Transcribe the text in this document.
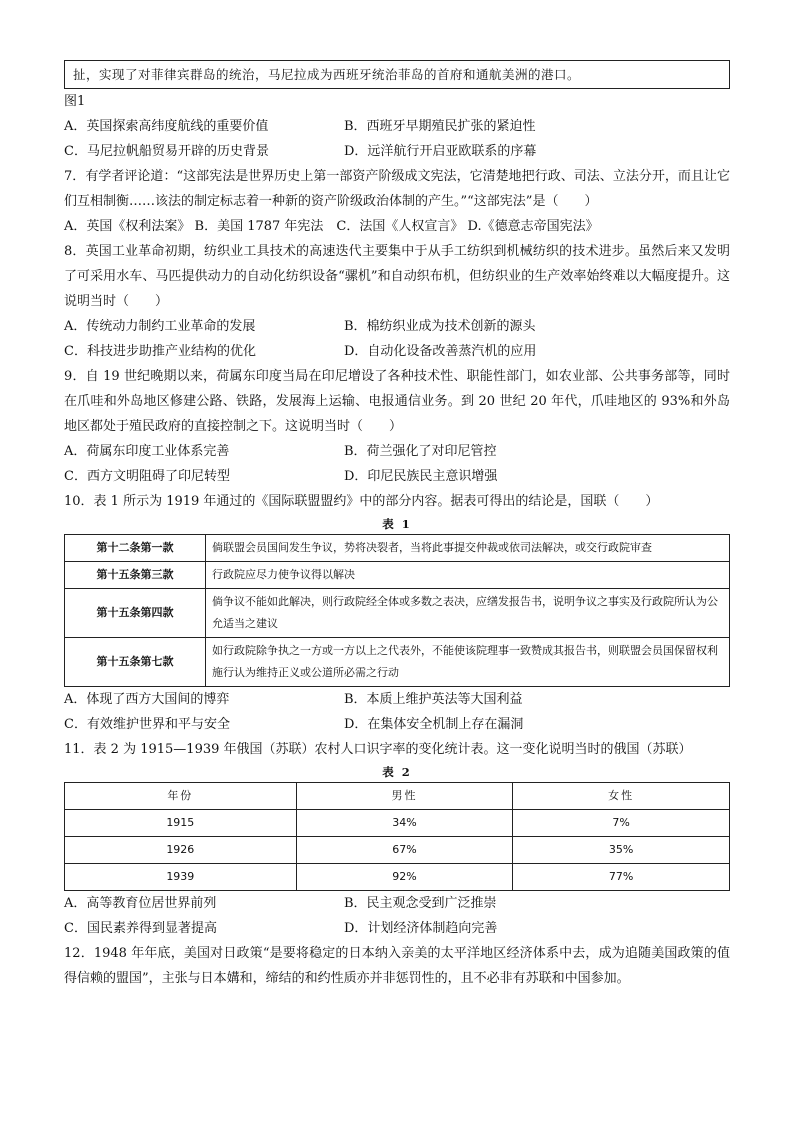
扯，实现了对菲律宾群岛的统治，马尼拉成为西班牙统治菲岛的首府和通航美洲的港口。
图1
A．英国探索高纬度航线的重要价值	B．西班牙早期殖民扩张的紧迫性
C．马尼拉帆船贸易开辟的历史背景	D．远洋航行开启亚欧联系的序幕
7．有学者评论道：“这部宪法是世界历史上第一部资产阶级成文宪法，它清楚地把行政、司法、立法分开，而且让它们互相制衡……该法的制定标志着一种新的资产阶级政治体制的产生。”“这部宪法”是（　　）
A．英国《权利法案》 B．美国 1787 年宪法　C．法国《人权宣言》 D.《德意志帝国宪法》
8．英国工业革命初期，纺织业工具技术的高速迭代主要集中于从手工纺织到机械纺织的技术进步。虽然后来又发明了可采用水车、马匹提供动力的自动化纺织设备“骡机”和自动织布机，但纺织业的生产效率始终难以大幅度提升。这说明当时（　　）
A．传统动力制约工业革命的发展	B．棉纺织业成为技术创新的源头
C．科技进步助推产业结构的优化	D．自动化设备改善蒸汽机的应用
9．自 19 世纪晚期以来，荷属东印度当局在印尼增设了各种技术性、职能性部门，如农业部、公共事务部等，同时在爪哇和外岛地区修建公路、铁路，发展海上运输、电报通信业务。到 20 世纪 20 年代，爪哇地区的 93%和外岛地区都处于殖民政府的直接控制之下。这说明当时（　　）
A．荷属东印度工业体系完善	B．荷兰强化了对印尼管控
C．西方文明阻碍了印尼转型	D．印尼民族民主意识增强
10．表 1 所示为 1919 年通过的《国际联盟盟约》中的部分内容。据表可得出的结论是，国联（　　）
表 1
第十二条第一款	倘联盟会员国间发生争议，势将决裂者，当将此事提交仲裁或依司法解决，或交行政院审查
第十五条第三款	行政院应尽力使争议得以解决
第十五条第四款	倘争议不能如此解决，则行政院经全体或多数之表决，应缮发报告书，说明争议之事实及行政院所认为公允适当之建议
第十五条第七款	如行政院除争执之一方或一方以上之代表外，不能使该院理事一致赞成其报告书，则联盟会员国保留权利施行认为维持正义或公道所必需之行动
A．体现了西方大国间的博弈	B．本质上维护英法等大国利益
C．有效维护世界和平与安全	D．在集体安全机制上存在漏洞
11．表 2 为 1915—1939 年俄国（苏联）农村人口识字率的变化统计表。这一变化说明当时的俄国（苏联）
表 2
年份	男性	女性
1915	34%	7%
1926	67%	35%
1939	92%	77%
A．高等教育位居世界前列	B．民主观念受到广泛推崇
C．国民素养得到显著提高	D．计划经济体制趋向完善
12．1948 年年底，美国对日政策“是要将稳定的日本纳入亲美的太平洋地区经济体系中去，成为追随美国政策的值得信赖的盟国”，主张与日本媾和，缔结的和约性质亦并非惩罚性的，且不必非有苏联和中国参加。
